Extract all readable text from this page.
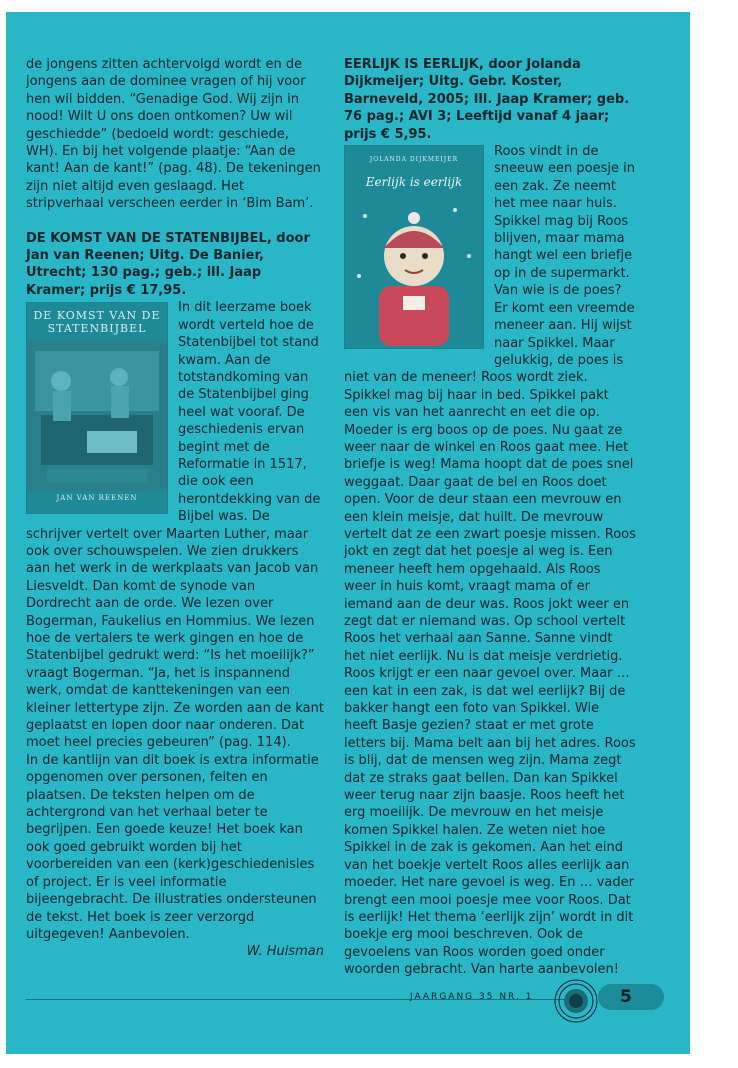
de jongens zitten achtervolgd wordt en de jongens aan de dominee vragen of hij voor hen wil bidden. “Genadige God. Wij zijn in nood! Wilt U ons doen ontkomen? Uw wil geschiedde” (bedoeld wordt: geschiede, WH). En bij het volgende plaatje: “Aan de kant! Aan de kant!” (pag. 48). De tekeningen zijn niet altijd even geslaagd. Het stripverhaal verscheen eerder in ‘Bim Bam’.

DE KOMST VAN DE STATENBIJBEL, door Jan van Reenen; Uitg. De Banier, Utrecht; 130 pag.; geb.; ill. Jaap Kramer; prijs € 17,95.

DE KOMST VAN DE STATENBIJBEL
JAN VAN REENEN

In dit leerzame boek wordt verteld hoe de Statenbijbel tot stand kwam. Aan de totstandkoming van de Statenbijbel ging heel wat vooraf. De geschiedenis ervan begint met de Reformatie in 1517, die ook een herontdekking van de Bijbel was. De schrijver vertelt over Maarten Luther, maar ook over schouwspelen. We zien drukkers aan het werk in de werkplaats van Jacob van Liesveldt. Dan komt de synode van Dordrecht aan de orde. We lezen over Bogerman, Faukelius en Hommius. We lezen hoe de vertalers te werk gingen en hoe de Statenbijbel gedrukt werd: “Is het moeilijk?” vraagt Bogerman. “Ja, het is inspannend werk, omdat de kanttekeningen van een kleiner lettertype zijn. Ze worden aan de kant geplaatst en lopen door naar onderen. Dat moet heel precies gebeuren” (pag. 114).

In de kantlijn van dit boek is extra informatie opgenomen over personen, feiten en plaatsen. De teksten helpen om de achtergrond van het verhaal beter te begrijpen. Een goede keuze! Het boek kan ook goed gebruikt worden bij het voorbereiden van een (kerk)geschiedenisles of project. Er is veel informatie bijeengebracht. De illustraties ondersteunen de tekst. Het boek is zeer verzorgd uitgegeven! Aanbevolen.

W. Huisman

EERLIJK IS EERLIJK, door Jolanda Dijkmeijer; Uitg. Gebr. Koster, Barneveld, 2005; Ill. Jaap Kramer; geb. 76 pag.; AVI 3; Leeftijd vanaf 4 jaar; prijs € 5,95.

JOLANDA DIJKMEIJER
Eerlijk is eerlijk

Roos vindt in de sneeuw een poesje in een zak. Ze neemt het mee naar huis. Spikkel mag bij Roos blijven, maar mama hangt wel een briefje op in de supermarkt. Van wie is de poes? Er komt een vreemde meneer aan. Hij wijst naar Spikkel. Maar gelukkig, de poes is niet van de meneer! Roos wordt ziek. Spikkel mag bij haar in bed. Spikkel pakt een vis van het aanrecht en eet die op. Moeder is erg boos op de poes. Nu gaat ze weer naar de winkel en Roos gaat mee. Het briefje is weg! Mama hoopt dat de poes snel weggaat. Daar gaat de bel en Roos doet open. Voor de deur staan een mevrouw en een klein meisje, dat huilt. De mevrouw vertelt dat ze een zwart poesje missen. Roos jokt en zegt dat het poesje al weg is. Een meneer heeft hem opgehaald. Als Roos weer in huis komt, vraagt mama of er iemand aan de deur was. Roos jokt weer en zegt dat er niemand was. Op school vertelt Roos het verhaal aan Sanne. Sanne vindt het niet eerlijk. Nu is dat meisje verdrietig. Roos krijgt er een naar gevoel over. Maar … een kat in een zak, is dat wel eerlijk? Bij de bakker hangt een foto van Spikkel. Wie heeft Basje gezien? staat er met grote letters bij. Mama belt aan bij het adres. Roos is blij, dat de mensen weg zijn. Mama zegt dat ze straks gaat bellen. Dan kan Spikkel weer terug naar zijn baasje. Roos heeft het erg moeilijk. De mevrouw en het meisje komen Spikkel halen. Ze weten niet hoe Spikkel in de zak is gekomen. Aan het eind van het boekje vertelt Roos alles eerlijk aan moeder. Het nare gevoel is weg. En … vader brengt een mooi poesje mee voor Roos. Dat is eerlijk! Het thema ‘eerlijk zijn’ wordt in dit boekje erg mooi beschreven. Ook de gevoelens van Roos worden goed onder woorden gebracht. Van harte aanbevolen!

JAARGANG 35 NR. 1	5
